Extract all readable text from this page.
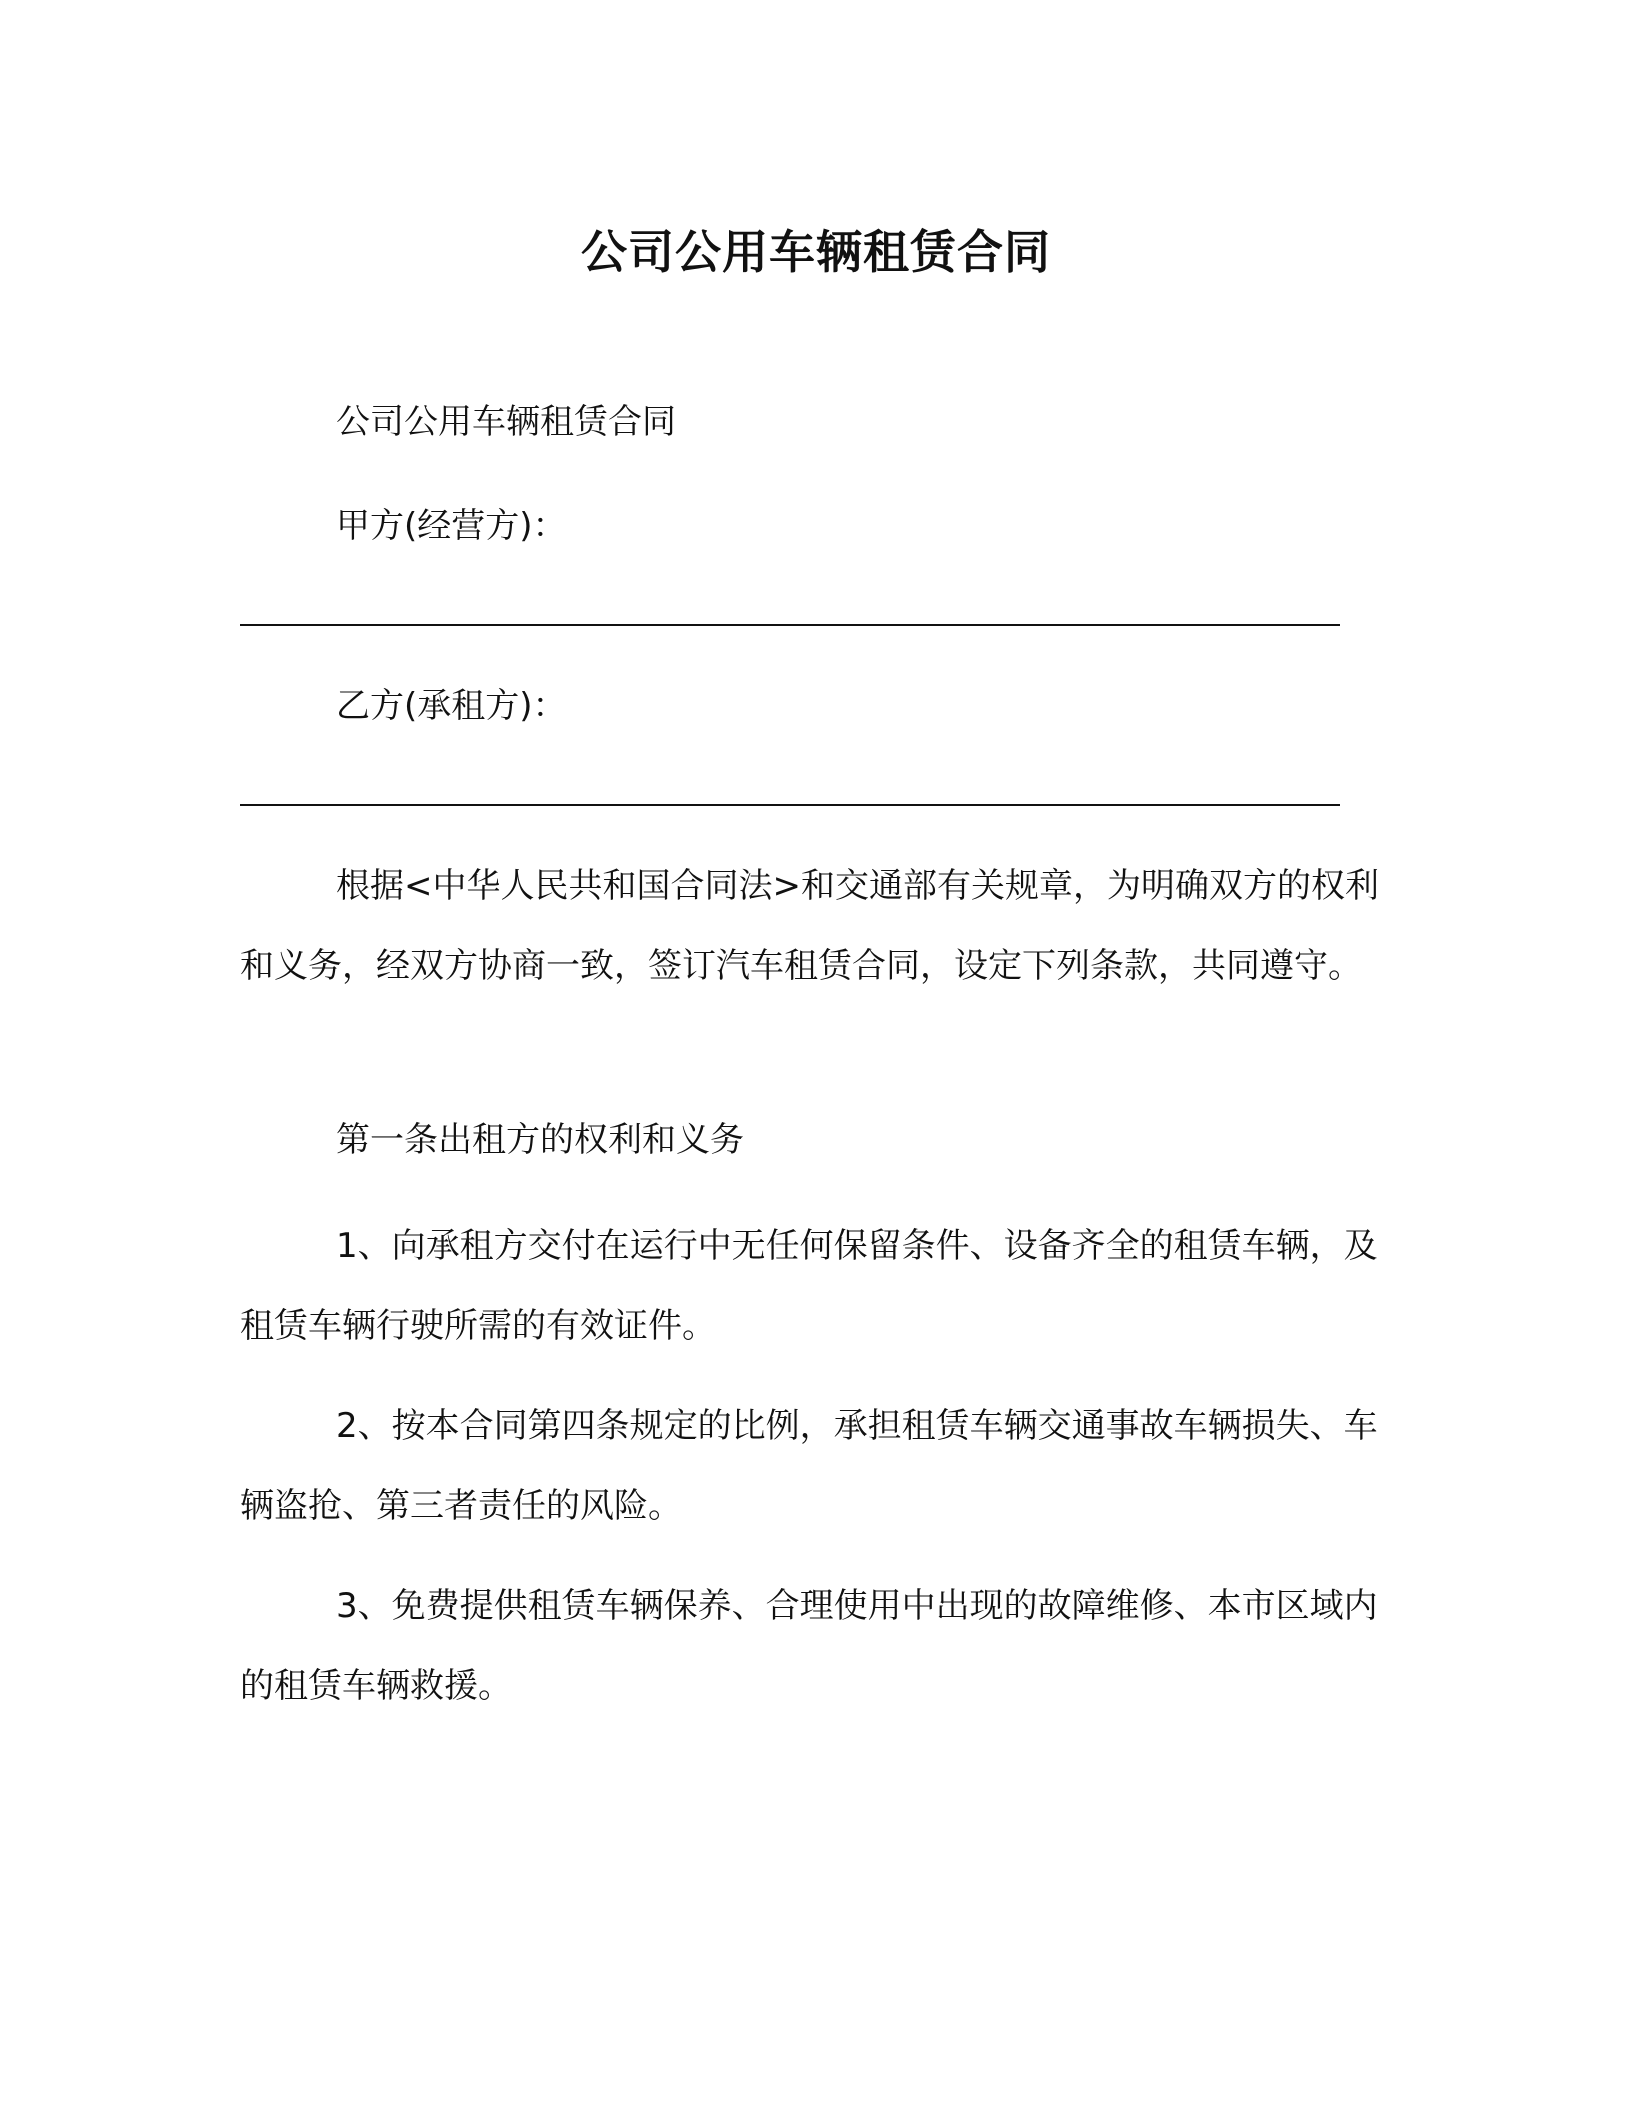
公司公用车辆租赁合同

公司公用车辆租赁合同

甲方(经营方)：

乙方(承租方)：

根据<中华人民共和国合同法>和交通部有关规章，为明确双方的权利和义务，经双方协商一致，签订汽车租赁合同，设定下列条款，共同遵守。

第一条出租方的权利和义务

1、向承租方交付在运行中无任何保留条件、设备齐全的租赁车辆，及租赁车辆行驶所需的有效证件。

2、按本合同第四条规定的比例，承担租赁车辆交通事故车辆损失、车辆盗抢、第三者责任的风险。

3、免费提供租赁车辆保养、合理使用中出现的故障维修、本市区域内的租赁车辆救援。
